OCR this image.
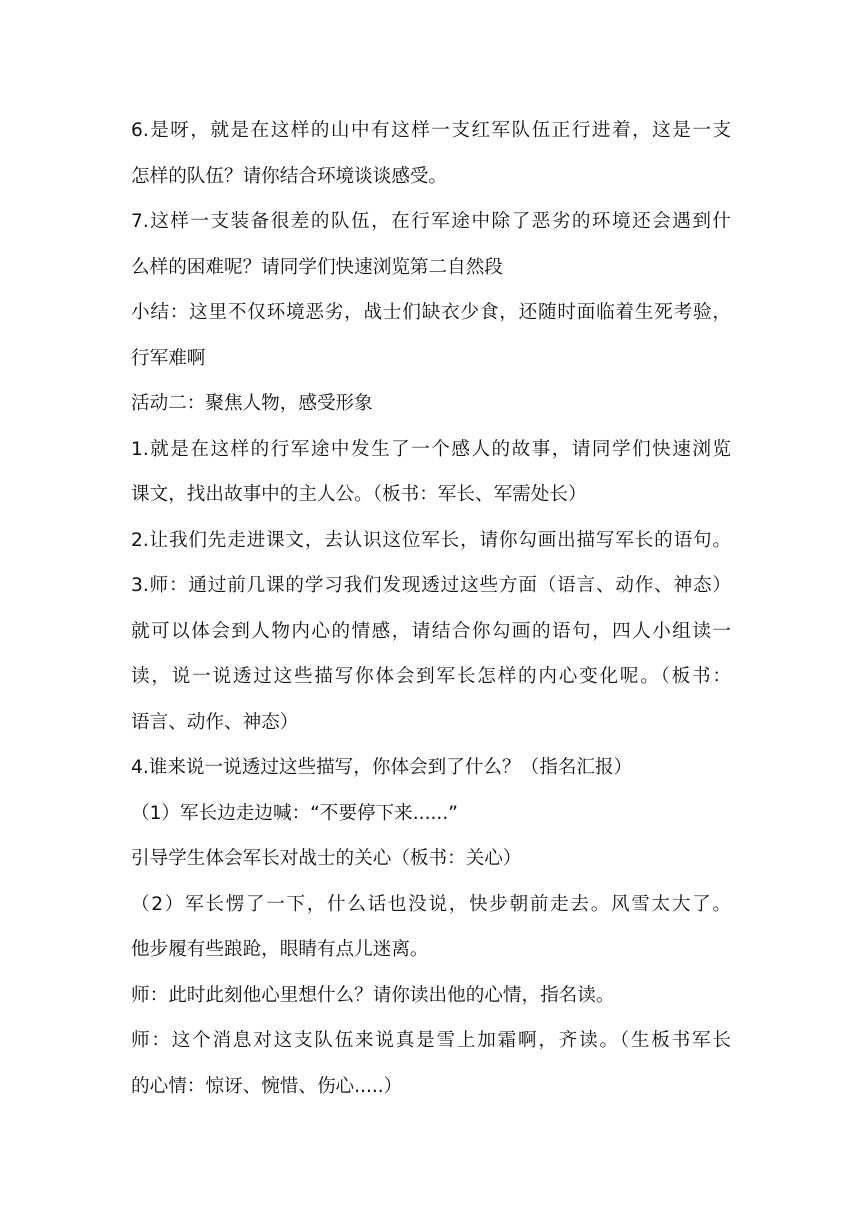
6.是呀，就是在这样的山中有这样一支红军队伍正行进着，这是一支
怎样的队伍？请你结合环境谈谈感受。
7.这样一支装备很差的队伍，在行军途中除了恶劣的环境还会遇到什
么样的困难呢？请同学们快速浏览第二自然段
小结：这里不仅环境恶劣，战士们缺衣少食，还随时面临着生死考验，
行军难啊
活动二：聚焦人物，感受形象
1.就是在这样的行军途中发生了一个感人的故事，请同学们快速浏览
课文，找出故事中的主人公。（板书：军长、军需处长）
2.让我们先走进课文，去认识这位军长，请你勾画出描写军长的语句。
3.师：通过前几课的学习我们发现透过这些方面（语言、动作、神态）
就可以体会到人物内心的情感，请结合你勾画的语句，四人小组读一
读，说一说透过这些描写你体会到军长怎样的内心变化呢。（板书：
语言、动作、神态）
4.谁来说一说透过这些描写，你体会到了什么？（指名汇报）
（1）军长边走边喊：“不要停下来......”
引导学生体会军长对战士的关心（板书：关心）
（2）军长愣了一下，什么话也没说，快步朝前走去。风雪太大了。
他步履有些踉跄，眼睛有点儿迷离。
师：此时此刻他心里想什么？请你读出他的心情，指名读。
师：这个消息对这支队伍来说真是雪上加霜啊，齐读。（生板书军长
的心情：惊讶、惋惜、伤心.....）
